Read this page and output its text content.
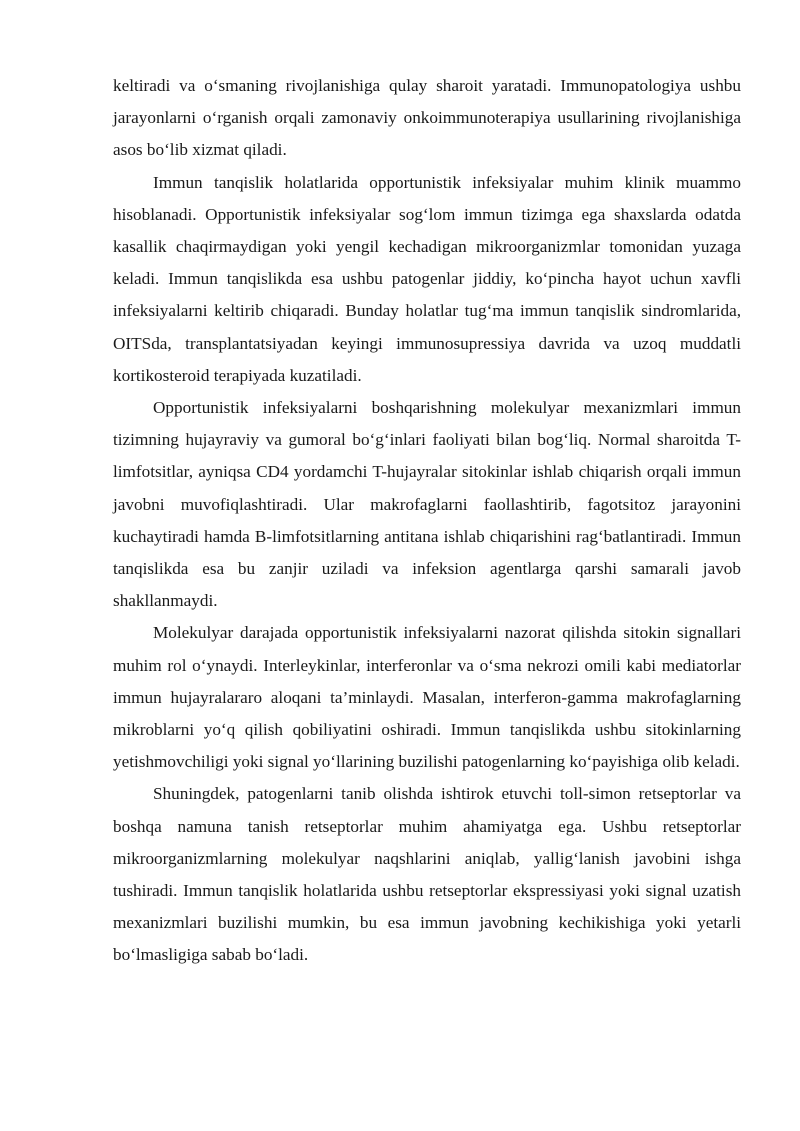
keltiradi va o‘smaning rivojlanishiga qulay sharoit yaratadi. Immunopatologiya ushbu jarayonlarni o‘rganish orqali zamonaviy onkoimmunoterapiya usullarining rivojlanishiga asos bo‘lib xizmat qiladi.

Immun tanqislik holatlarida opportunistik infeksiyalar muhim klinik muammo hisoblanadi. Opportunistik infeksiyalar sog‘lom immun tizimga ega shaxslarda odatda kasallik chaqirmaydigan yoki yengil kechadigan mikroorganizmlar tomonidan yuzaga keladi. Immun tanqislikda esa ushbu patogenlar jiddiy, ko‘pincha hayot uchun xavfli infeksiyalarni keltirib chiqaradi. Bunday holatlar tug‘ma immun tanqislik sindromlarida, OITSda, transplantatsiyadan keyingi immunosupressiya davrida va uzoq muddatli kortikosteroid terapiyada kuzatiladi.

Opportunistik infeksiyalarni boshqarishning molekulyar mexanizmlari immun tizimning hujayraviy va gumoral bo‘g‘inlari faoliyati bilan bog‘liq. Normal sharoitda T-limfotsitlar, ayniqsa CD4 yordamchi T-hujayralar sitokinlar ishlab chiqarish orqali immun javobni muvofiqlashtiradi. Ular makrofaglarni faollashtirib, fagotsitoz jarayonini kuchaytiradi hamda B-limfotsitlarning antitana ishlab chiqarishini rag‘batlantiradi. Immun tanqislikda esa bu zanjir uziladi va infeksion agentlarga qarshi samarali javob shakllanmaydi.

Molekulyar darajada opportunistik infeksiyalarni nazorat qilishda sitokin signallari muhim rol o‘ynaydi. Interleykinlar, interferonlar va o‘sma nekrozi omili kabi mediatorlar immun hujayralararo aloqani ta’minlaydi. Masalan, interferon-gamma makrofaglarning mikroblarni yo‘q qilish qobiliyatini oshiradi. Immun tanqislikda ushbu sitokinlarning yetishmovchiligi yoki signal yo‘llarining buzilishi patogenlarning ko‘payishiga olib keladi.

Shuningdek, patogenlarni tanib olishda ishtirok etuvchi toll-simon retseptorlar va boshqa namuna tanish retseptorlar muhim ahamiyatga ega. Ushbu retseptorlar mikroorganizmlarning molekulyar naqshlarini aniqlab, yallig‘lanish javobini ishga tushiradi. Immun tanqislik holatlarida ushbu retseptorlar ekspressiyasi yoki signal uzatish mexanizmlari buzilishi mumkin, bu esa immun javobning kechikishiga yoki yetarli bo‘lmasligiga sabab bo‘ladi.
